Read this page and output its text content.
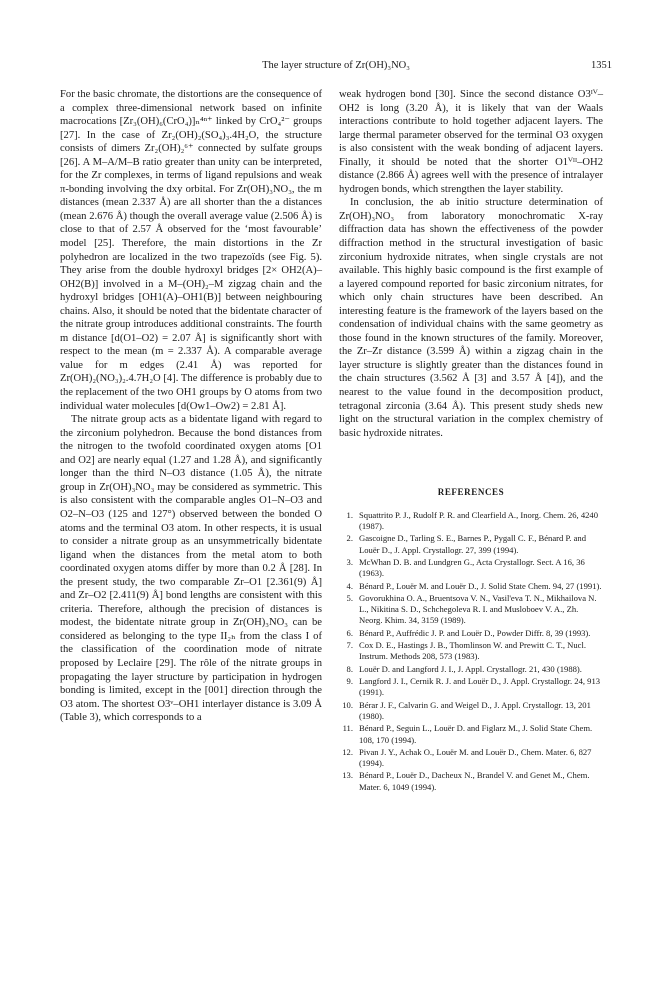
The layer structure of Zr(OH)₃NO₃	1351

For the basic chromate, the distortions are the consequence of a complex three-dimensional network based on infinite macrocations [Zr₃(OH)₆(CrO₄)]ₙ⁴ⁿ⁺ linked by CrO₄²⁻ groups [27]. In the case of Zr₂(OH)₂(SO₄)₃.4H₂O, the structure consists of dimers Zr₂(OH)₂⁶⁺ connected by sulfate groups [26]. A M–A/M–B ratio greater than unity can be interpreted, for the Zr complexes, in terms of ligand repulsions and weak π-bonding involving the dxy orbital. For Zr(OH)₃NO₃, the m distances (mean 2.337 Å) are all shorter than the a distances (mean 2.676 Å) though the overall average value (2.506 Å) is close to that of 2.57 Å observed for the ‘most favourable’ model [25]. Therefore, the main distortions in the Zr polyhedron are localized in the two trapezoïds (see Fig. 5). They arise from the double hydroxyl bridges [2× OH2(A)–OH2(B)] involved in a M–(OH)₂–M zigzag chain and the hydroxyl bridges [OH1(A)–OH1(B)] between neighbouring chains. Also, it should be noted that the bidentate character of the nitrate group introduces additional constraints. The fourth m distance [d(O1–O2) = 2.07 Å] is significantly short with respect to the mean (m = 2.337 Å). A comparable average value for m edges (2.41 Å) was reported for Zr(OH)₂(NO₃)₂.4.7H₂O [4]. The difference is probably due to the replacement of the two OH1 groups by O atoms from two individual water molecules [d(Ow1–Ow2) = 2.81 Å].

The nitrate group acts as a bidentate ligand with regard to the zirconium polyhedron. Because the bond distances from the nitrogen to the twofold coordinated oxygen atoms [O1 and O2] are nearly equal (1.27 and 1.28 Å), and significantly longer than the third N–O3 distance (1.05 Å), the nitrate group in Zr(OH)₃NO₃ may be considered as symmetric. This is also consistent with the comparable angles O1–N–O3 and O2–N–O3 (125 and 127°) observed between the bonded O atoms and the terminal O3 atom. In other respects, it is usual to consider a nitrate group as an unsymmetrically bidentate ligand when the distances from the metal atom to both coordinated oxygen atoms differ by more than 0.2 Å [28]. In the present study, the two comparable Zr–O1 [2.361(9) Å] and Zr–O2 [2.411(9) Å] bond lengths are consistent with this criteria. Therefore, although the precision of distances is modest, the bidentate nitrate group in Zr(OH)₃NO₃ can be considered as belonging to the type II₂ₕ from the class I of the classification of the coordination mode of nitrate proposed by Leclaire [29]. The rôle of the nitrate groups in propagating the layer structure by participation in hydrogen bonding is limited, except in the [001] direction through the O3 atom. The shortest O3ᵛ–OH1 interlayer distance is 3.09 Å (Table 3), which corresponds to a

weak hydrogen bond [30]. Since the second distance O3ᴵⱽ–OH2 is long (3.20 Å), it is likely that van der Waals interactions contribute to hold together adjacent layers. The large thermal parameter observed for the terminal O3 oxygen is also consistent with the weak bonding of adjacent layers. Finally, it should be noted that the shorter O1ⱽᴵᴵ–OH2 distance (2.866 Å) agrees well with the presence of intralayer hydrogen bonds, which strengthen the layer stability.

In conclusion, the ab initio structure determination of Zr(OH)₃NO₃ from laboratory monochromatic X-ray diffraction data has shown the effectiveness of the powder diffraction method in the structural investigation of basic zirconium hydroxide nitrates, when single crystals are not available. This highly basic compound is the first example of a layered compound reported for basic zirconium nitrates, for which only chain structures have been described. An interesting feature is the framework of the layers based on the condensation of individual chains with the same geometry as those found in the known structures of the family. Moreover, the Zr–Zr distance (3.599 Å) within a zigzag chain in the layer structure is slightly greater than the distances found in the chain structures (3.562 Å [3] and 3.57 Å [4]), and the nearest to the value found in the decomposition product, tetragonal zirconia (3.64 Å). This present study sheds new light on the structural variation in the complex chemistry of basic hydroxide nitrates.

REFERENCES
1. Squattrito P. J., Rudolf P. R. and Clearfield A., Inorg. Chem. 26, 4240 (1987).
2. Gascoigne D., Tarling S. E., Barnes P., Pygall C. F., Bénard P. and Louër D., J. Appl. Crystallogr. 27, 399 (1994).
3. McWhan D. B. and Lundgren G., Acta Crystallogr. Sect. A 16, 36 (1963).
4. Bénard P., Louër M. and Louër D., J. Solid State Chem. 94, 27 (1991).
5. Govorukhina O. A., Bruentsova V. N., Vasil'eva T. N., Mikhailova N. L., Nikitina S. D., Schchegoleva R. I. and Musloboev V. A., Zh. Neorg. Khim. 34, 3159 (1989).
6. Bénard P., Auffrédic J. P. and Louër D., Powder Diffr. 8, 39 (1993).
7. Cox D. E., Hastings J. B., Thomlinson W. and Prewitt C. T., Nucl. Instrum. Methods 208, 573 (1983).
8. Louër D. and Langford J. I., J. Appl. Crystallogr. 21, 430 (1988).
9. Langford J. I., Cernik R. J. and Louër D., J. Appl. Crystallogr. 24, 913 (1991).
10. Bérar J. F., Calvarin G. and Weigel D., J. Appl. Crystallogr. 13, 201 (1980).
11. Bénard P., Seguin L., Louër D. and Figlarz M., J. Solid State Chem. 108, 170 (1994).
12. Pivan J. Y., Achak O., Louër M. and Louër D., Chem. Mater. 6, 827 (1994).
13. Bénard P., Louër D., Dacheux N., Brandel V. and Genet M., Chem. Mater. 6, 1049 (1994).
